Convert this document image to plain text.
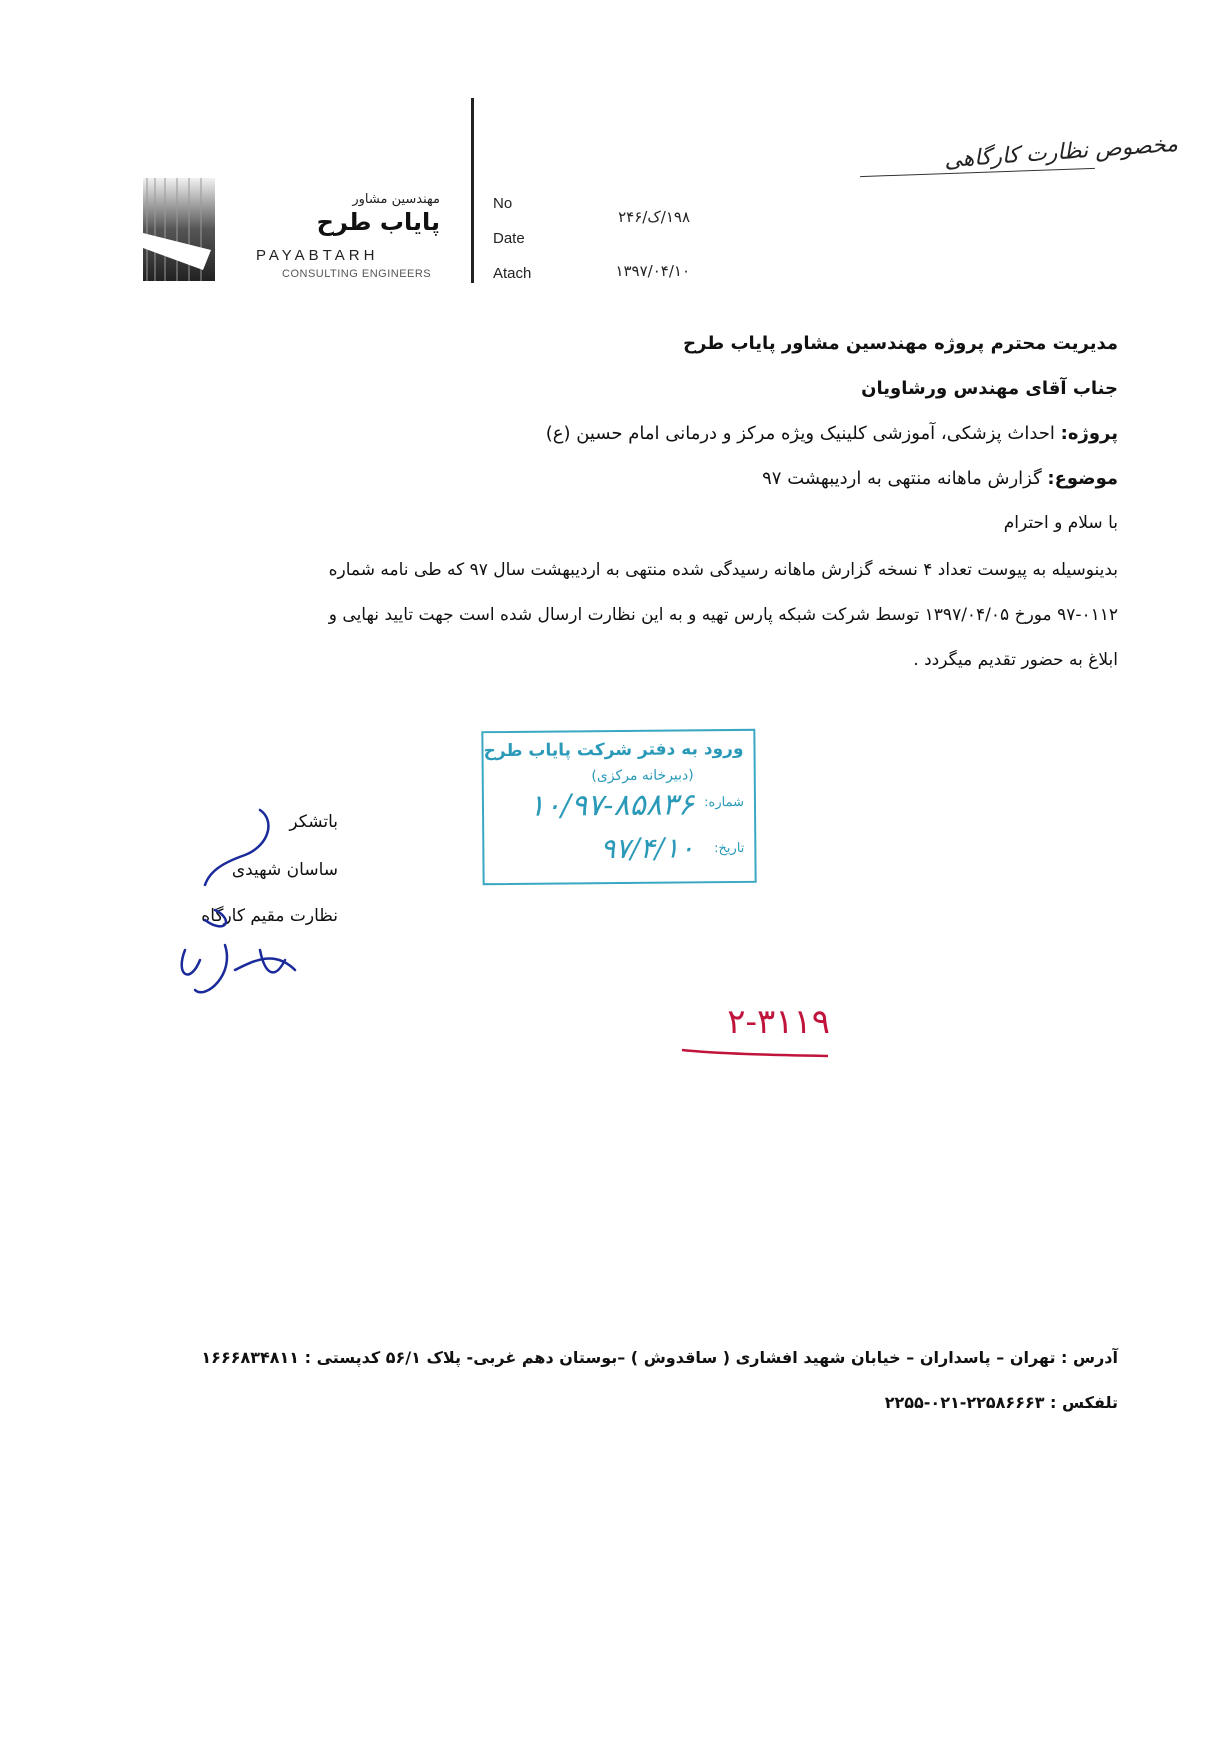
مخصوص نظارت کارگاهی
مهندسین مشاور
پایاب طرح
PAYABTARH
CONSULTING ENGINEERS
No
Date
Atach
۱۹۸/ک/۲۴۶
۱۳۹۷/۰۴/۱۰
مدیریت محترم پروژه مهندسین مشاور پایاب طرح
جناب آقای مهندس ورشاویان
پروژه: احداث پزشکی، آموزشی کلینیک ویژه مرکز و درمانی امام حسین (ع)
موضوع: گزارش ماهانه منتهی به اردیبهشت ۹۷
با سلام و احترام
بدینوسیله به پیوست تعداد ۴ نسخه گزارش ماهانه رسیدگی شده منتهی به اردیبهشت سال ۹۷ که طی نامه شماره
۹۷-۰۱۱۲ مورخ ۱۳۹۷/۰۴/۰۵ توسط شرکت شبکه پارس تهیه و به این نظارت ارسال شده است جهت تایید نهایی و
ابلاغ به حضور تقدیم میگردد .
ورود به دفتر شرکت پایاب طرح
(دبیرخانه مرکزی)
شماره:
۱۰/۹۷-۸۵۸۳۶
تاریخ:
۹۷/۴/۱۰
باتشکر
ساسان شهیدی
نظارت مقیم کارگاه
۲-۳۱۱۹
آدرس : تهران – پاسداران – خیابان شهید افشاری ( ساقدوش ) –بوستان دهم غربی- پلاک ۵۶/۱ کدپستی : ۱۶۶۶۸۳۴۸۱۱
تلفکس : ۲۲۵۸۶۶۶۳-۰۲۱-۲۲۵۵
